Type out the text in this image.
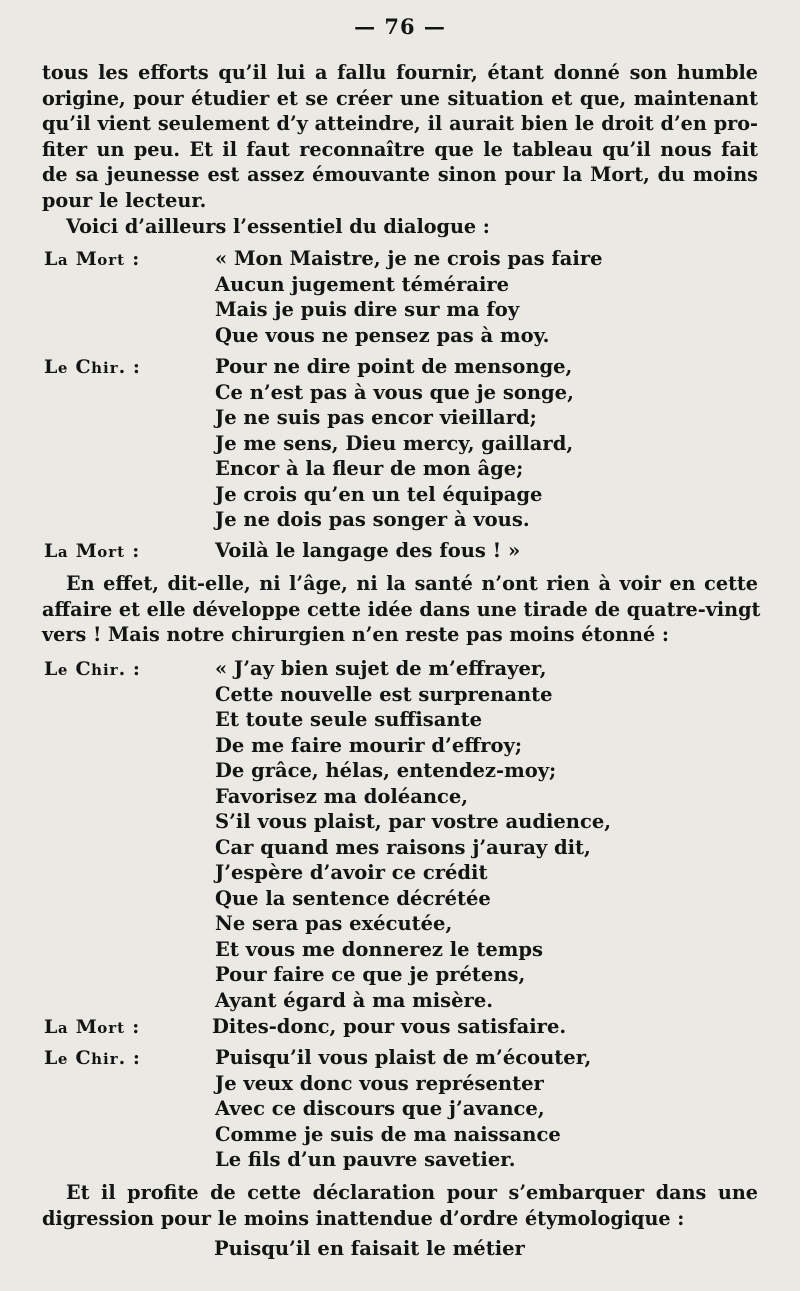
— 76 —
tous les efforts qu’il lui a fallu fournir, étant donné son humble
origine, pour étudier et se créer une situation et que, maintenant
qu’il vient seulement d’y atteindre, il aurait bien le droit d’en pro-
fiter un peu. Et il faut reconnaître que le tableau qu’il nous fait
de sa jeunesse est assez émouvante sinon pour la Mort, du moins
pour le lecteur.
Voici d’ailleurs l’essentiel du dialogue :
La Mort :	« Mon Maistre, je ne crois pas faire
Aucun jugement téméraire
Mais je puis dire sur ma foy
Que vous ne pensez pas à moy.
Le Chir. :	Pour ne dire point de mensonge,
Ce n’est pas à vous que je songe,
Je ne suis pas encor vieillard;
Je me sens, Dieu mercy, gaillard,
Encor à la fleur de mon âge;
Je crois qu’en un tel équipage
Je ne dois pas songer à vous.
La Mort :	Voilà le langage des fous ! »
En effet, dit-elle, ni l’âge, ni la santé n’ont rien à voir en cette
affaire et elle développe cette idée dans une tirade de quatre-vingt
vers ! Mais notre chirurgien n’en reste pas moins étonné :
Le Chir. :	« J’ay bien sujet de m’effrayer,
Cette nouvelle est surprenante
Et toute seule suffisante
De me faire mourir d’effroy;
De grâce, hélas, entendez-moy;
Favorisez ma doléance,
S’il vous plaist, par vostre audience,
Car quand mes raisons j’auray dit,
J’espère d’avoir ce crédit
Que la sentence décrétée
Ne sera pas exécutée,
Et vous me donnerez le temps
Pour faire ce que je prétens,
Ayant égard à ma misère.
La Mort :	Dites-donc, pour vous satisfaire.
Le Chir. :	Puisqu’il vous plaist de m’écouter,
Je veux donc vous représenter
Avec ce discours que j’avance,
Comme je suis de ma naissance
Le fils d’un pauvre savetier.
Et il profite de cette déclaration pour s’embarquer dans une
digression pour le moins inattendue d’ordre étymologique :
Puisqu’il en faisait le métier
